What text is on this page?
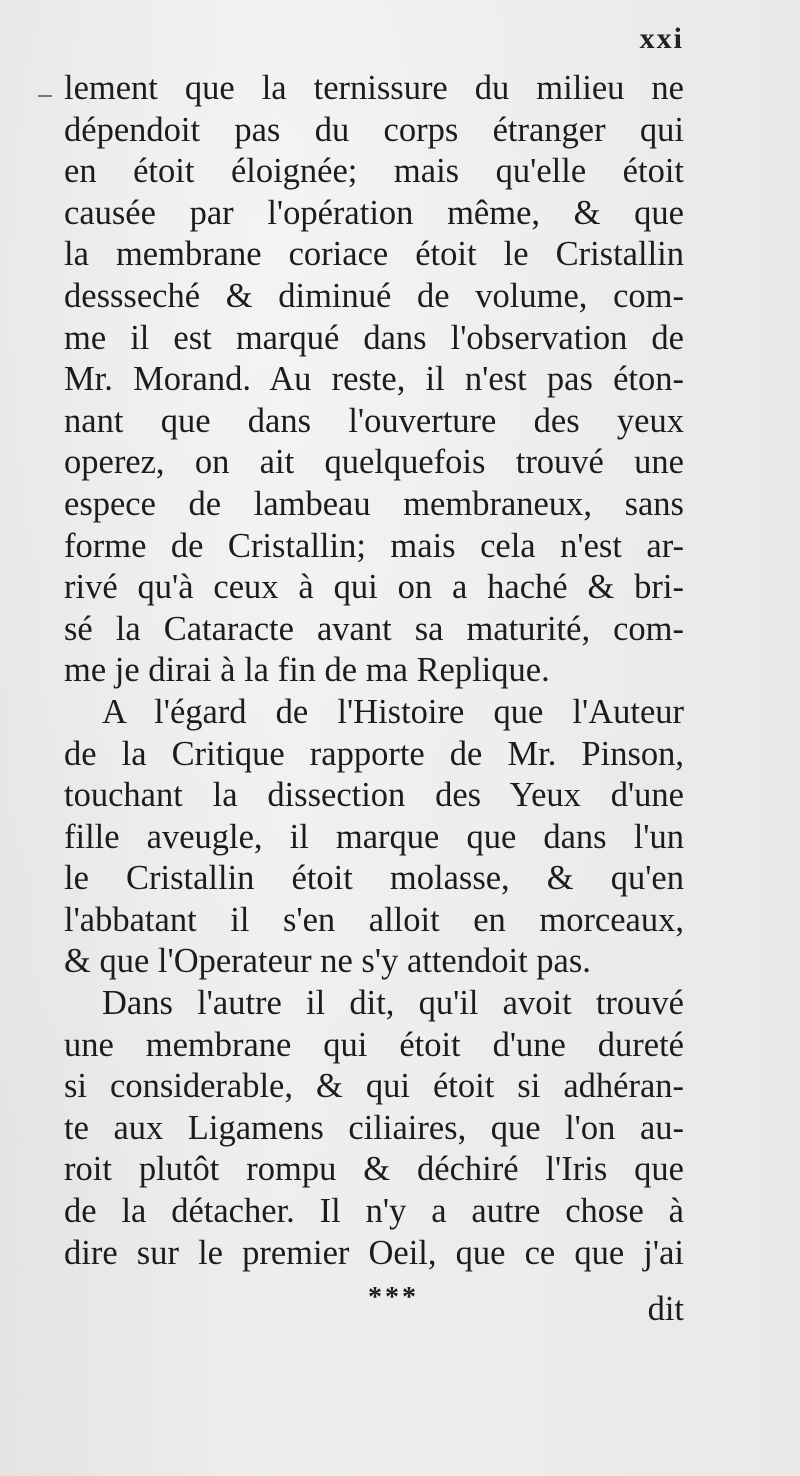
xxi
lement que la ternissure du milieu ne
dépendoit pas du corps étranger qui
en étoit éloignée; mais qu'elle étoit
causée par l'opération même, & que
la membrane coriace étoit le Cristallin
dessseché & diminué de volume, com-
me il est marqué dans l'observation de
Mr. Morand. Au reste, il n'est pas éton-
nant que dans l'ouverture des yeux
operez, on ait quelquefois trouvé une
espece de lambeau membraneux, sans
forme de Cristallin; mais cela n'est ar-
rivé qu'à ceux à qui on a haché & bri-
sé la Cataracte avant sa maturité, com-
me je dirai à la fin de ma Replique.
A l'égard de l'Histoire que l'Auteur
de la Critique rapporte de Mr. Pinson,
touchant la dissection des Yeux d'une
fille aveugle, il marque que dans l'un
le Cristallin étoit molasse, & qu'en
l'abbatant il s'en alloit en morceaux,
& que l'Operateur ne s'y attendoit pas.
Dans l'autre il dit, qu'il avoit trouvé
une membrane qui étoit d'une dureté
si considerable, & qui étoit si adhéran-
te aux Ligamens ciliaires, que l'on au-
roit plutôt rompu & déchiré l'Iris que
de la détacher. Il n'y a autre chose à
dire sur le premier Oeil, que ce que j'ai
***	dit
